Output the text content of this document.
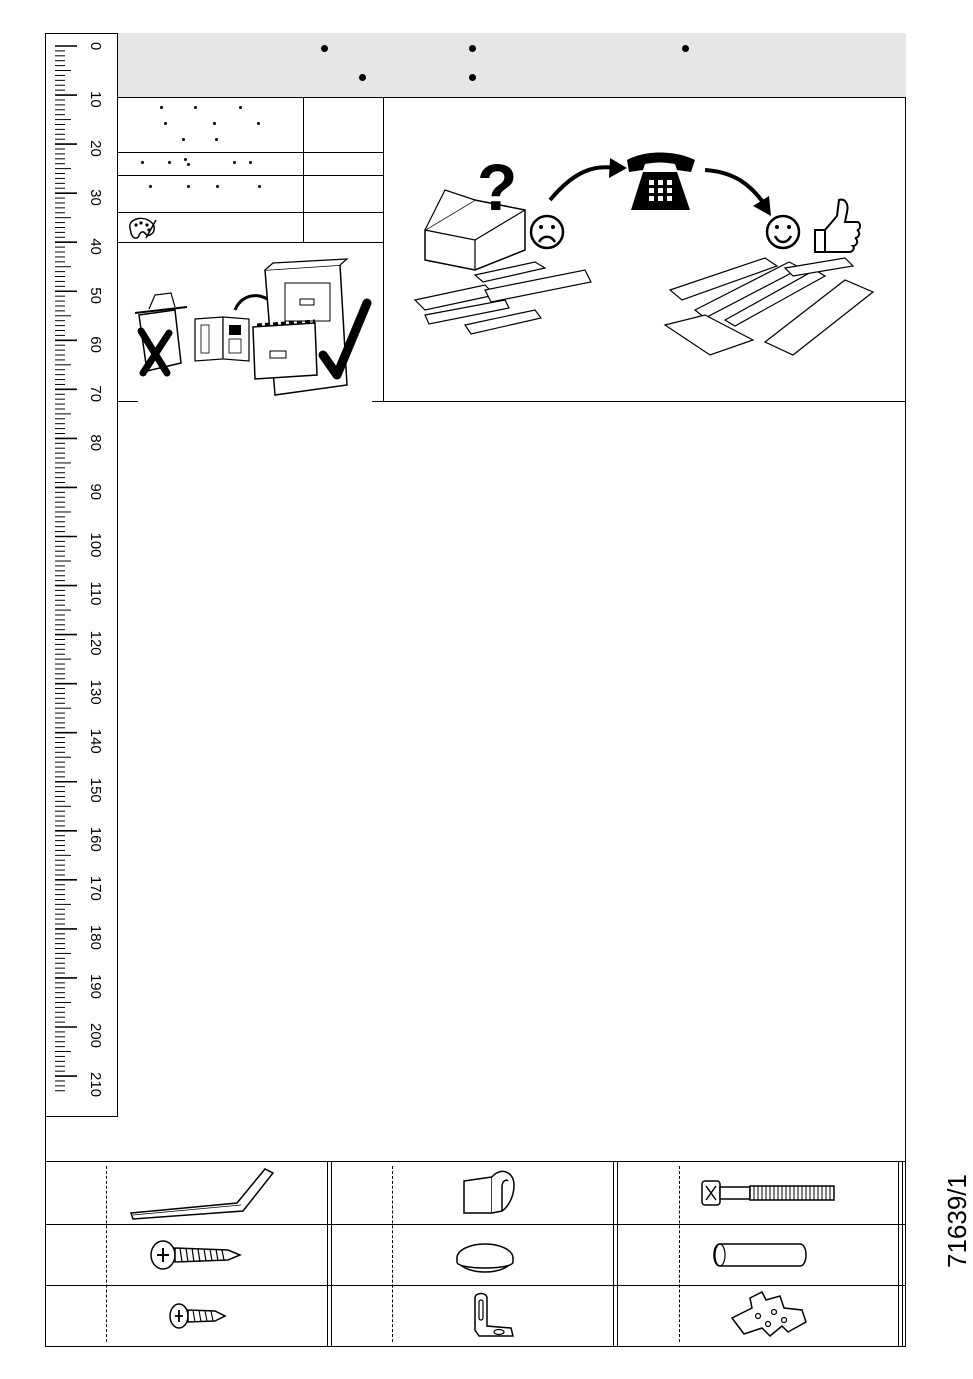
0
10
20
30
40
50
60
70
80
90
100
110
120
130
140
150
160
170
180
190
200
210
?
71639/1
